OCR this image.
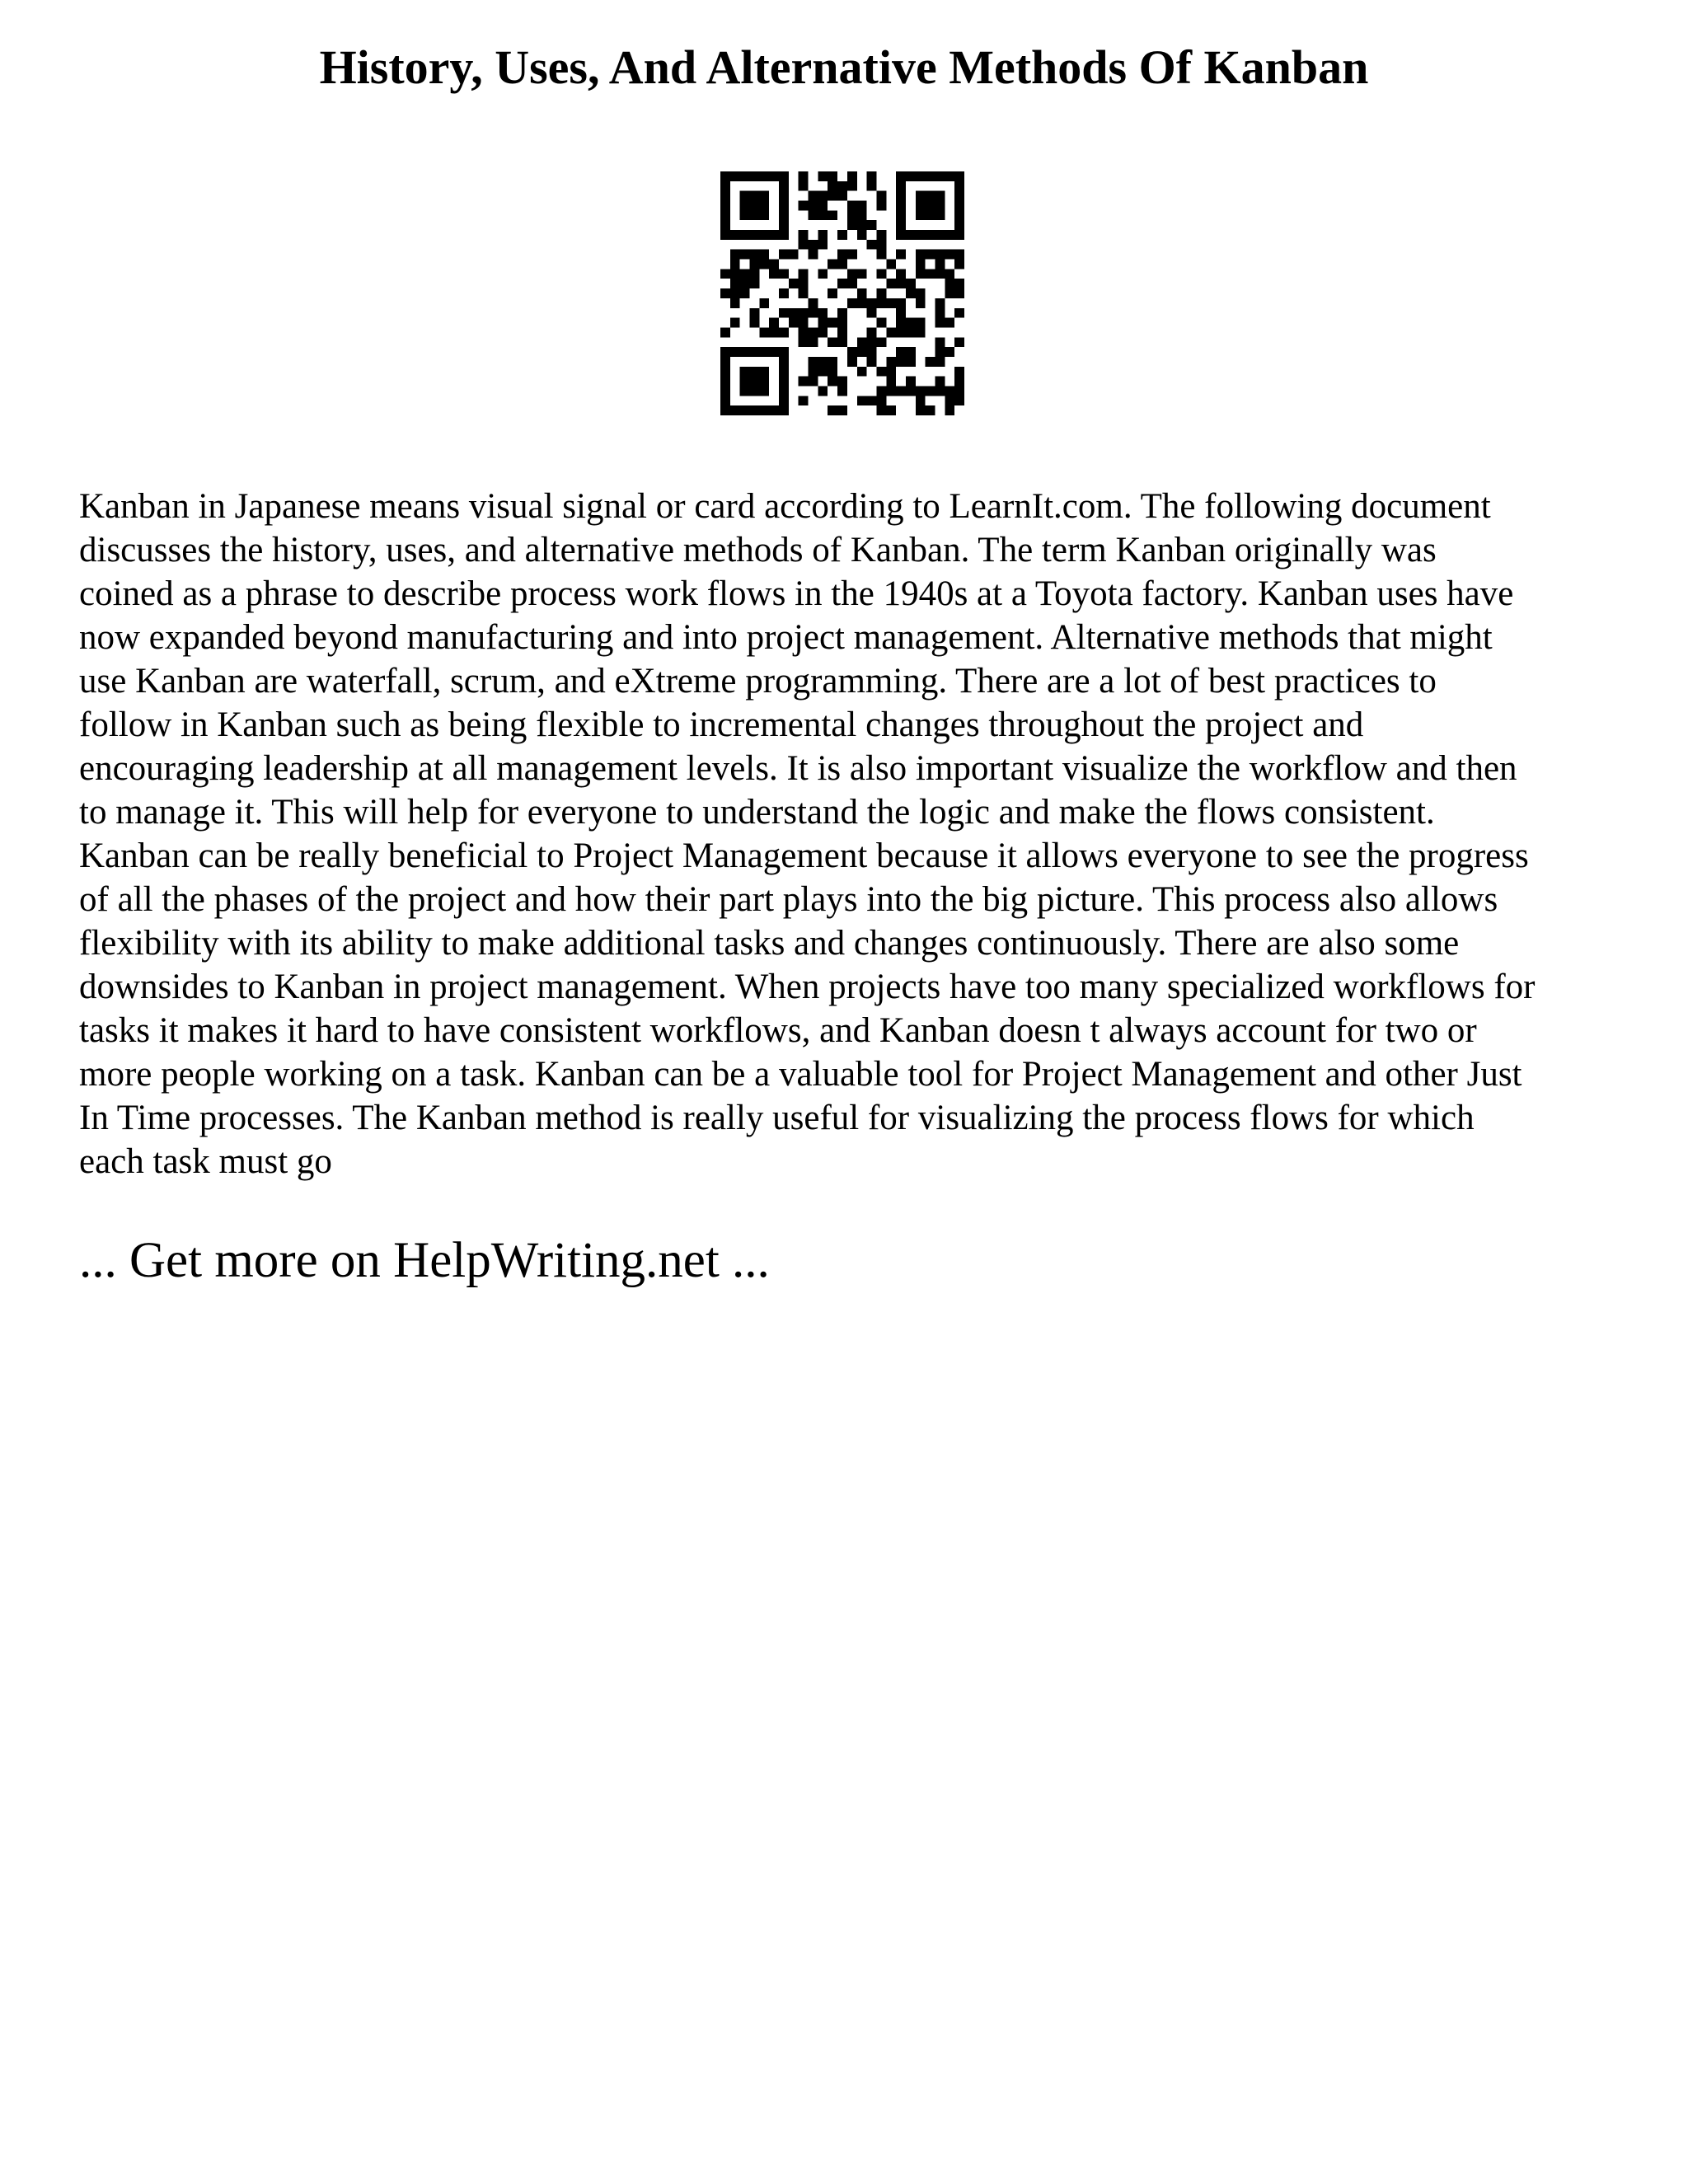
History, Uses, And Alternative Methods Of Kanban

Kanban in Japanese means visual signal or card according to LearnIt.com. The following document
discusses the history, uses, and alternative methods of Kanban. The term Kanban originally was
coined as a phrase to describe process work flows in the 1940s at a Toyota factory. Kanban uses have
now expanded beyond manufacturing and into project management. Alternative methods that might
use Kanban are waterfall, scrum, and eXtreme programming. There are a lot of best practices to
follow in Kanban such as being flexible to incremental changes throughout the project and
encouraging leadership at all management levels. It is also important visualize the workflow and then
to manage it. This will help for everyone to understand the logic and make the flows consistent.
Kanban can be really beneficial to Project Management because it allows everyone to see the progress
of all the phases of the project and how their part plays into the big picture. This process also allows
flexibility with its ability to make additional tasks and changes continuously. There are also some
downsides to Kanban in project management. When projects have too many specialized workflows for
tasks it makes it hard to have consistent workflows, and Kanban doesn t always account for two or
more people working on a task. Kanban can be a valuable tool for Project Management and other Just
In Time processes. The Kanban method is really useful for visualizing the process flows for which
each task must go

... Get more on HelpWriting.net ...
